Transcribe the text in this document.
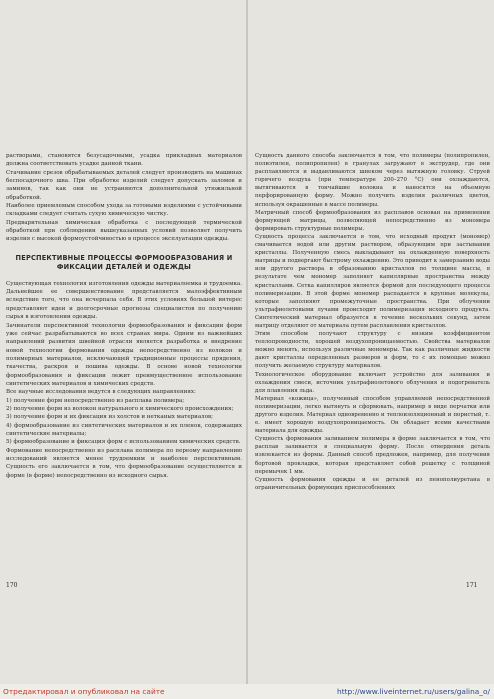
растворами, становятся безусадочными, усадка прикладных материалов должна соответствовать усадке данной ткани.

Стачивание срезов обрабатываемых деталей следует производить на машинах беспосадочного шва. При обработке изделий следует допускать заломов и заминов, так как они не устраняются дополнительной утюжильной обработкой.

Наиболее приемлемым способом ухода за готовыми изделиями с устойчивыми складками следует считать сухую химическую чистку.

Предварительная химическая обработка с последующей термической обработкой при соблюдении вышеуказанных условий позволяет получить изделия с высокой формоустойчивостью в процессе эксплуатации одежды.

ПЕРСПЕКТИВНЫЕ ПРОЦЕССЫ ФОРМООБРАЗОВАНИЯ И ФИКСАЦИИ ДЕТАЛЕЙ И ОДЕЖДЫ

Существующая технология изготовления одежды материалоемка и трудоемка. Дальнейшее ее совершенствование представляется малоэффективным вследствие того, что она исчерпала себя. В этих условиях большой интерес представляют идеи и долгосрочные прогнозы специалистов по получению сырья в изготовлении одежды.

Зачинатели перспективной технологии формообразования и фиксации форм уже сейчас разрабатываются во всех странах мира. Одним из важнейших направлений развития швейной отрасли является разработка и внедрение новой технологии формования одежды непосредственно из волокон и полимерных материалов, исключающей традиционные процессы прядения, ткачества, раскроя и пошива одежды. В основе новой технологии формообразования и фиксации лежит преимущественное использование синтетических материалов и химических средств.

Все научные исследования ведутся в следующих направлениях:

1) получение форм непосредственно из расплава полимера;

2) получение форм из волокон натурального и химического происхождения;

3) получение форм и их фиксация из холстов и нетканых материалов;

4) формообразование из синтетических материалов и их пленок, содержащих синтетические материалы;

5) формообразование и фиксация форм с использованием химических средств.

Формование непосредственно из расплава полимера по переому направлению исследований является менее трудоемким и наиболее перспективным. Сущность его заключается в том, что формообразование осуществляется и форме (в форме) непосредственно из исходного сырья.

170

Сущность данного способа заключается в том, что полимеры (полипропилен, полиэтилен, полипропилен) в гранулах загружают в экструдер, где они расплавляются и выдавливаются шнеком через вытяжную головку. Струей горячего воздуха (при температуре 200–270 °С) они охлаждаются, вытягиваются в тончайшие волокна и наносятся на объемную перфорированную форму. Можно получить изделия различных цветов, используя окрашенные в массе полимеры.

Матричный способ формообразования из расплавов основан на применении формующей матрицы, позволяющей непосредственно из мономера формировать структурные полимеры.

Сущность процесса заключается в том, что исходный продукт (мономер) смачивается водой или другим раствором, образующим при застывании кристаллы. Полученную смесь выкладывают на охлажденную поверхность матрицы и подвергают быстрому охлаждению. Это приводит к замерзанию воды или другого раствора и образованию кристаллов по толщине массы, в результате чем мономер заполняет капиллярные пространства между кристаллами. Сетка капилляров является формой для последующего процесса полимеризации. В этой форме мономер распадается в крупные молекулы, которые заполняют промежуточные пространства. При облучении ультрафиолетовыми лучами происходит полимеризация исходного продукта. Синтетический материал образуется в течение нескольких секунд, затем матрицу отделяют от материала путем расплавления кристаллов.

Этим способом получают структуру с низким коэффициентом теплопроводности, хорошей воздухопроницаемостью. Свойства материалов можно менять, используя различные мономеры. Так как различные жидкости дают кристаллы определенных размеров и форм, то с их помощью можно получить желаемую структуру материалов.

Технологическое оборудование включает устройство для заливания и охлаждения смеси, источник ультрафиолетового облучения и подогреватель для плавления льда.

Материал «кожица», полученный способом управляемой непосредственной полимеризации, легко вытянуть и сформовать, например в виде перчатки или другого изделия. Материал одновременно и теплоизоляционный и пористый, т. е. имеет хорошую воздухопроницаемость. Он обладает всеми качествами материала для одежды.

Сущность формования заливанием полимера в форме заключается в том, что расплав заливается в специальную форму. После отвердения деталь извлекается из формы. Данный способ предложен, например, для получения бортовой прокладки, которая представляет собой решетку с толщиной перемычек 1 мм.

Сущность формования одежды и ее деталей из пенополиуретана в ограничительных формующих приспособлениях

171
Отредактировал и опубликовал на сайте	http://www.liveinternet.ru/users/galina_o/
